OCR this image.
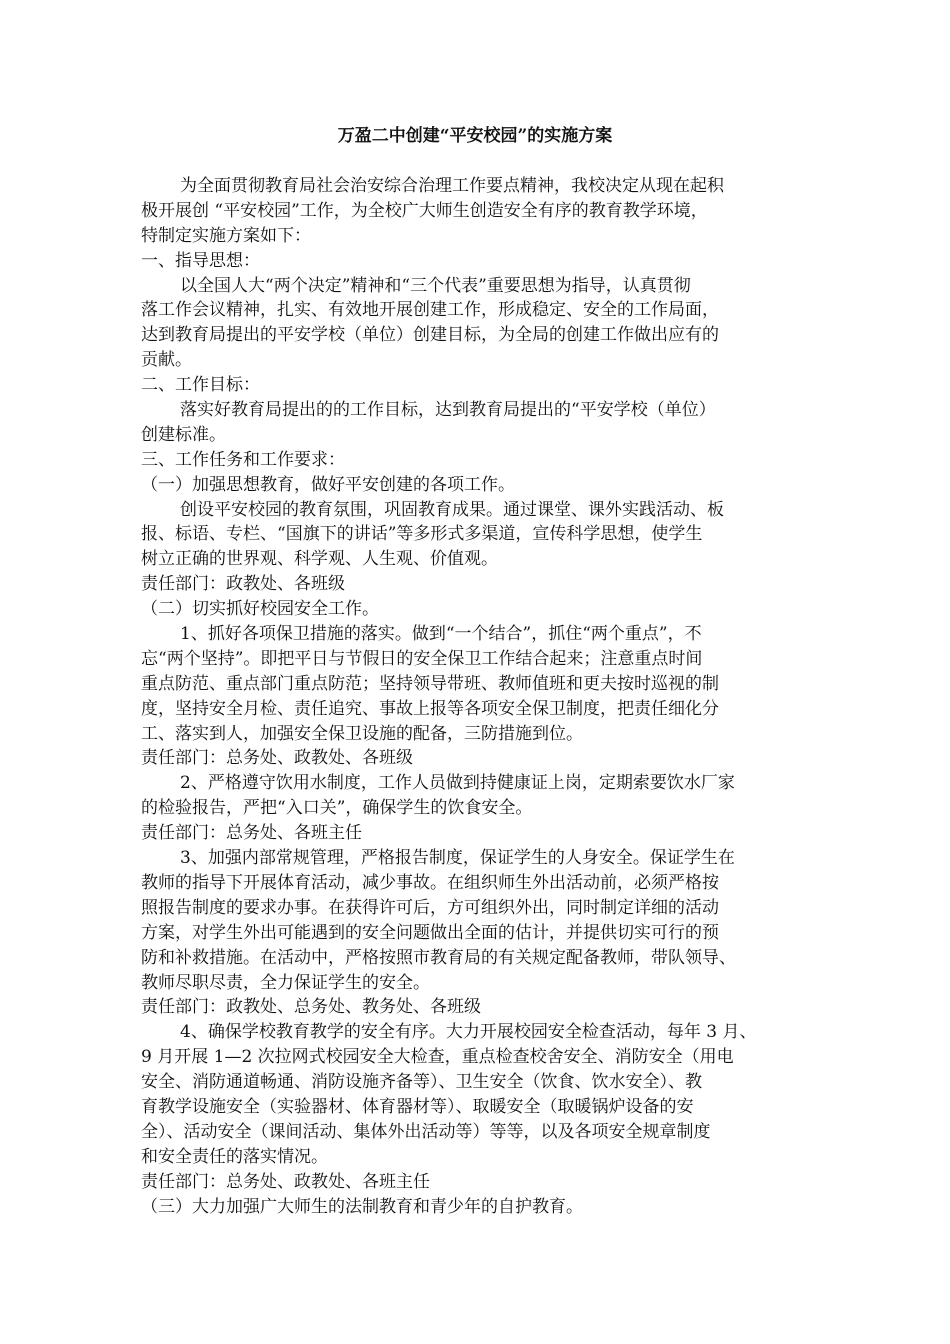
万盈二中创建“平安校园”的实施方案
为全面贯彻教育局社会治安综合治理工作要点精神，我校决定从现在起积
极开展创 “平安校园”工作，为全校广大师生创造安全有序的教育教学环境，
特制定实施方案如下：
一、指导思想：
以全国人大“两个决定”精神和“三个代表”重要思想为指导，认真贯彻
落工作会议精神，扎实、有效地开展创建工作，形成稳定、安全的工作局面，
达到教育局提出的平安学校（单位）创建目标，为全局的创建工作做出应有的
贡献。
二、工作目标：
落实好教育局提出的的工作目标，达到教育局提出的“平安学校（单位）
创建标准。
三、工作任务和工作要求：
（一）加强思想教育，做好平安创建的各项工作。
创设平安校园的教育氛围，巩固教育成果。通过课堂、课外实践活动、板
报、标语、专栏、“国旗下的讲话”等多形式多渠道，宣传科学思想，使学生
树立正确的世界观、科学观、人生观、价值观。
责任部门：政教处、各班级
（二）切实抓好校园安全工作。
1、抓好各项保卫措施的落实。做到“一个结合”，抓住“两个重点”，不
忘“两个坚持”。即把平日与节假日的安全保卫工作结合起来；注意重点时间
重点防范、重点部门重点防范；坚持领导带班、教师值班和更夫按时巡视的制
度，坚持安全月检、责任追究、事故上报等各项安全保卫制度，把责任细化分
工、落实到人，加强安全保卫设施的配备，三防措施到位。
责任部门：总务处、政教处、各班级
2、严格遵守饮用水制度，工作人员做到持健康证上岗，定期索要饮水厂家
的检验报告，严把“入口关”，确保学生的饮食安全。
责任部门：总务处、各班主任
3、加强内部常规管理，严格报告制度，保证学生的人身安全。保证学生在
教师的指导下开展体育活动，减少事故。在组织师生外出活动前，必须严格按
照报告制度的要求办事。在获得许可后，方可组织外出，同时制定详细的活动
方案，对学生外出可能遇到的安全问题做出全面的估计，并提供切实可行的预
防和补救措施。在活动中，严格按照市教育局的有关规定配备教师，带队领导、
教师尽职尽责，全力保证学生的安全。
责任部门：政教处、总务处、教务处、各班级
4、确保学校教育教学的安全有序。大力开展校园安全检查活动，每年 3 月、
9 月开展 1—2 次拉网式校园安全大检查，重点检查校舍安全、消防安全（用电
安全、消防通道畅通、消防设施齐备等）、卫生安全（饮食、饮水安全）、教
育教学设施安全（实验器材、体育器材等）、取暖安全（取暖锅炉设备的安
全）、活动安全（课间活动、集体外出活动等）等等，以及各项安全规章制度
和安全责任的落实情况。
责任部门：总务处、政教处、各班主任
（三）大力加强广大师生的法制教育和青少年的自护教育。
